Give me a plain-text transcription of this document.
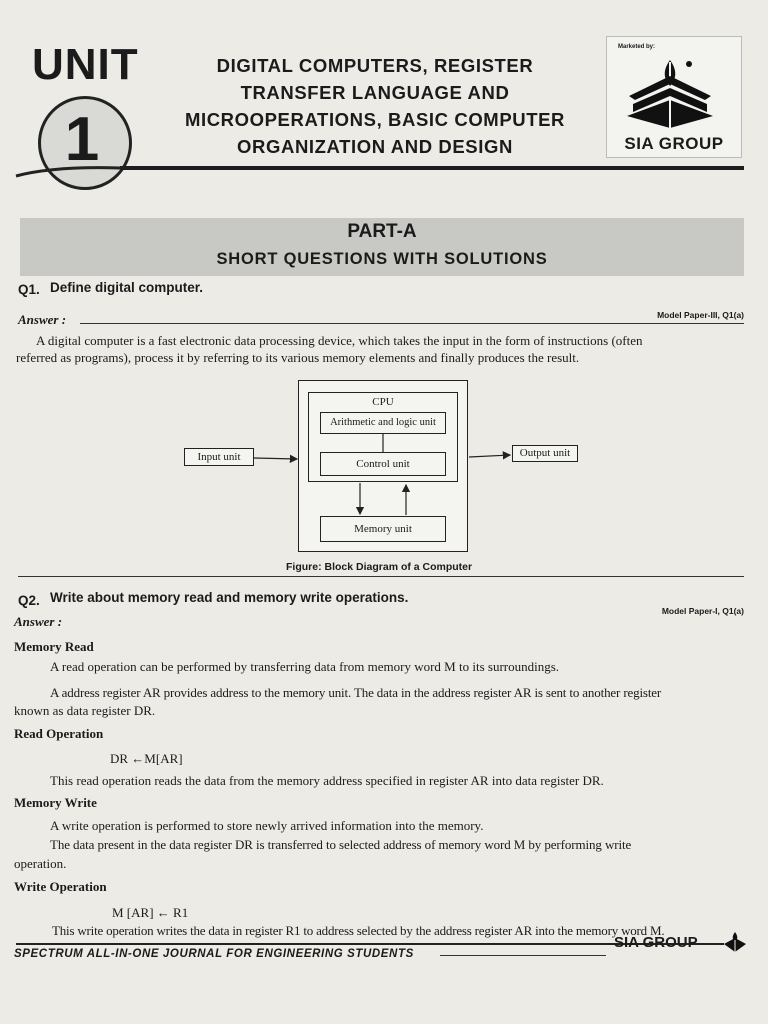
UNIT
1
DIGITAL COMPUTERS, REGISTER
TRANSFER LANGUAGE AND
MICROOPERATIONS, BASIC COMPUTER
ORGANIZATION AND DESIGN
Marketed by:
SIA GROUP
PART-A
SHORT QUESTIONS WITH SOLUTIONS
Q1. Define digital computer.
Answer :	Model Paper-III, Q1(a)
A digital computer is a fast electronic data processing device, which takes the input in the form of instructions (often
referred as programs), process it by referring to its various memory elements and finally produces the result.
CPU
Arithmetic and logic unit
Control unit
Memory unit
Input unit	Output unit
Figure: Block Diagram of a Computer
Q2. Write about memory read and memory write operations.
Answer :
Model Paper-I, Q1(a)
Memory Read
A read operation can be performed by transferring data from memory word M to its surroundings.
A address register AR provides address to the memory unit. The data in the address register AR is sent to another register
known as data register DR.
Read Operation
DR ←M[AR]
This read operation reads the data from the memory address specified in register AR into data register DR.
Memory Write
A write operation is performed to store newly arrived information into the memory.
The data present in the data register DR is transferred to selected address of memory word M by performing write
operation.
Write Operation
M [AR] ← R1
This write operation writes the data in register R1 to address selected by the address register AR into the memory word M.
SPECTRUM ALL-IN-ONE JOURNAL FOR ENGINEERING STUDENTS
SIA GROUP
